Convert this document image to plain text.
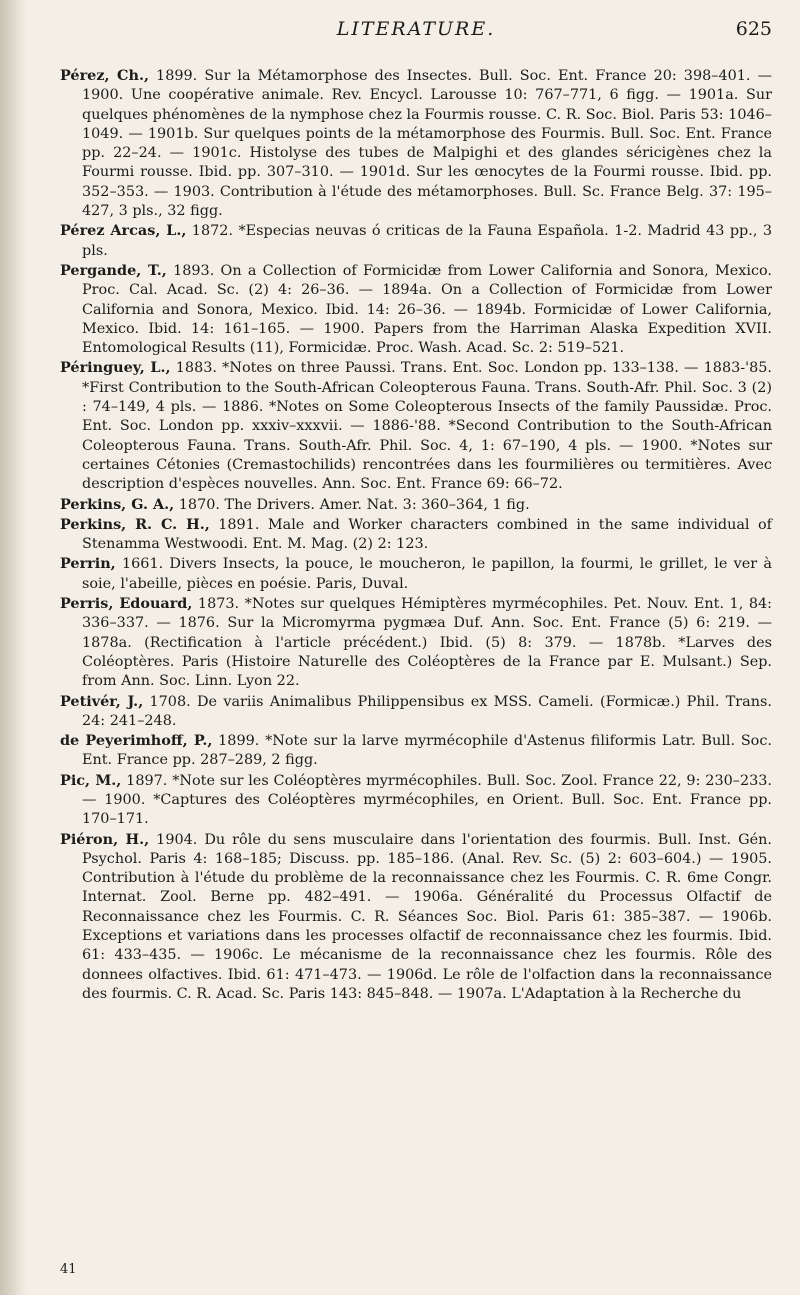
LITERATURE.	625

Pérez, Ch., 1899. Sur la Métamorphose des Insectes. Bull. Soc. Ent. France 20: 398–401. — 1900. Une coopérative animale. Rev. Encycl. Larousse 10: 767–771, 6 figg. — 1901a. Sur quelques phénomènes de la nymphose chez la Fourmis rousse. C. R. Soc. Biol. Paris 53: 1046–1049. — 1901b. Sur quelques points de la métamorphose des Fourmis. Bull. Soc. Ent. France pp. 22–24. — 1901c. Histolyse des tubes de Malpighi et des glandes séricigènes chez la Fourmi rousse. Ibid. pp. 307–310. — 1901d. Sur les œnocytes de la Fourmi rousse. Ibid. pp. 352–353. — 1903. Contribution à l'étude des métamorphoses. Bull. Sc. France Belg. 37: 195–427, 3 pls., 32 figg.

Pérez Arcas, L., 1872. *Especias neuvas ó criticas de la Fauna Española. 1-2. Madrid 43 pp., 3 pls.

Pergande, T., 1893. On a Collection of Formicidæ from Lower California and Sonora, Mexico. Proc. Cal. Acad. Sc. (2) 4: 26–36. — 1894a. On a Collection of Formicidæ from Lower California and Sonora, Mexico. Ibid. 14: 26–36. — 1894b. Formicidæ of Lower California, Mexico. Ibid. 14: 161–165. — 1900. Papers from the Harriman Alaska Expedition XVII. Entomological Results (11), Formicidæ. Proc. Wash. Acad. Sc. 2: 519–521.

Péringuey, L., 1883. *Notes on three Paussi. Trans. Ent. Soc. London pp. 133–138. — 1883-'85. *First Contribution to the South-African Coleopterous Fauna. Trans. South-Afr. Phil. Soc. 3 (2) : 74–149, 4 pls. — 1886. *Notes on Some Coleopterous Insects of the family Paussidæ. Proc. Ent. Soc. London pp. xxxiv–xxxvii. — 1886-'88. *Second Contribution to the South-African Coleopterous Fauna. Trans. South-Afr. Phil. Soc. 4, 1: 67–190, 4 pls. — 1900. *Notes sur certaines Cétonies (Cremastochilids) rencontrées dans les fourmilières ou termitières. Avec description d'espèces nouvelles. Ann. Soc. Ent. France 69: 66–72.

Perkins, G. A., 1870. The Drivers. Amer. Nat. 3: 360–364, 1 fig.

Perkins, R. C. H., 1891. Male and Worker characters combined in the same individual of Stenamma Westwoodi. Ent. M. Mag. (2) 2: 123.

Perrin, 1661. Divers Insects, la pouce, le moucheron, le papillon, la fourmi, le grillet, le ver à soie, l'abeille, pièces en poésie. Paris, Duval.

Perris, Edouard, 1873. *Notes sur quelques Hémiptères myrmécophiles. Pet. Nouv. Ent. 1, 84: 336–337. — 1876. Sur la Micromyrma pygmæa Duf. Ann. Soc. Ent. France (5) 6: 219. — 1878a. (Rectification à l'article précédent.) Ibid. (5) 8: 379. — 1878b. *Larves des Coléoptères. Paris (Histoire Naturelle des Coléoptères de la France par E. Mulsant.) Sep. from Ann. Soc. Linn. Lyon 22.

Petivér, J., 1708. De variis Animalibus Philippensibus ex MSS. Cameli. (Formicæ.) Phil. Trans. 24: 241–248.

de Peyerimhoff, P., 1899. *Note sur la larve myrmécophile d'Astenus filiformis Latr. Bull. Soc. Ent. France pp. 287–289, 2 figg.

Pic, M., 1897. *Note sur les Coléoptères myrmécophiles. Bull. Soc. Zool. France 22, 9: 230–233. — 1900. *Captures des Coléoptères myrmécophiles, en Orient. Bull. Soc. Ent. France pp. 170–171.

Piéron, H., 1904. Du rôle du sens musculaire dans l'orientation des fourmis. Bull. Inst. Gén. Psychol. Paris 4: 168–185; Discuss. pp. 185–186. (Anal. Rev. Sc. (5) 2: 603–604.) — 1905. Contribution à l'étude du problème de la reconnaissance chez les Fourmis. C. R. 6me Congr. Internat. Zool. Berne pp. 482–491. — 1906a. Généralité du Processus Olfactif de Reconnaissance chez les Fourmis. C. R. Séances Soc. Biol. Paris 61: 385–387. — 1906b. Exceptions et variations dans les processes olfactif de reconnaissance chez les fourmis. Ibid. 61: 433–435. — 1906c. Le mécanisme de la reconnaissance chez les fourmis. Rôle des donnees olfactives. Ibid. 61: 471–473. — 1906d. Le rôle de l'olfaction dans la reconnaissance des fourmis. C. R. Acad. Sc. Paris 143: 845–848. — 1907a. L'Adaptation à la Recherche du

41
